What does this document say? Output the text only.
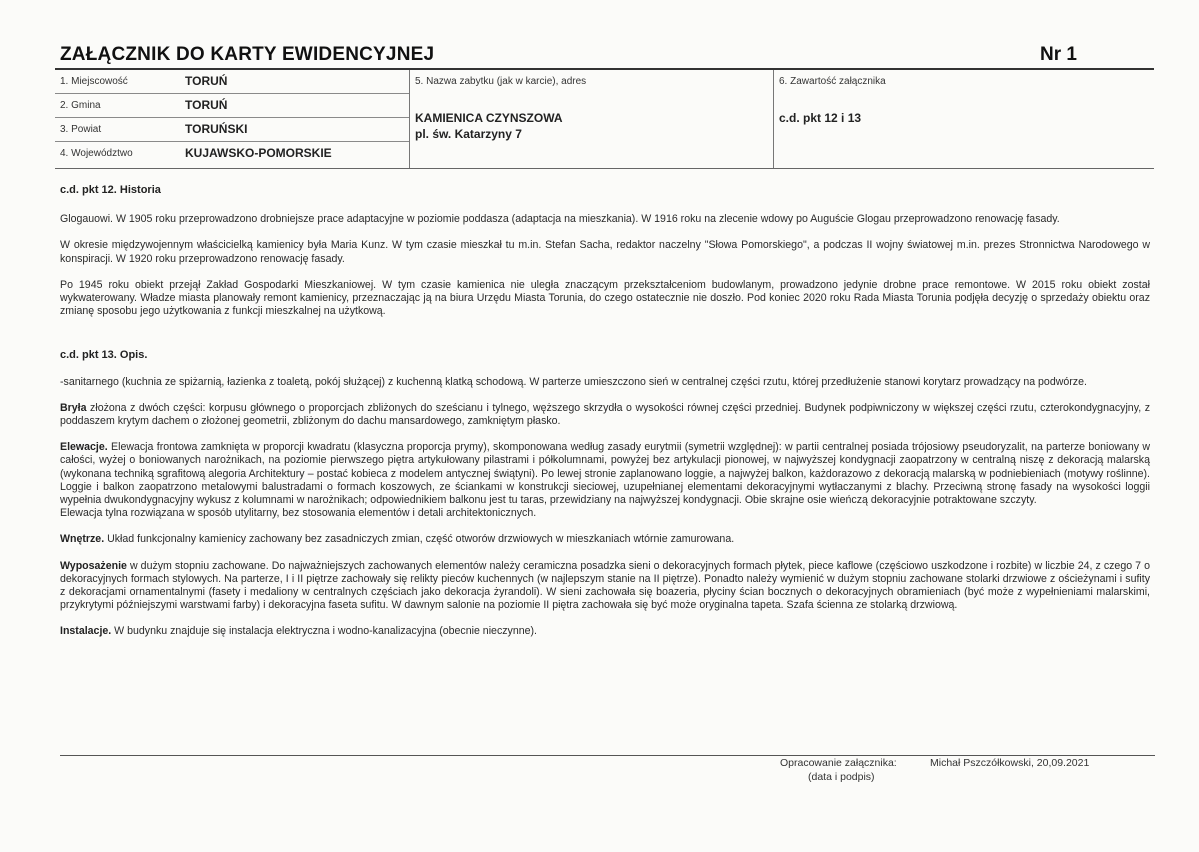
ZAŁĄCZNIK DO KARTY EWIDENCYJNEJ	Nr 1
1. Miejscowość	TORUŃ
2. Gmina	TORUŃ
3. Powiat	TORUŃSKI
4. Województwo	KUJAWSKO-POMORSKIE
5. Nazwa zabytku (jak w karcie), adres
KAMIENICA CZYNSZOWA
pl. św. Katarzyny 7
6. Zawartość załącznika
c.d. pkt 12 i 13

c.d. pkt 12. Historia

Glogauowi. W 1905 roku przeprowadzono drobniejsze prace adaptacyjne w poziomie poddasza (adaptacja na mieszkania). W 1916 roku na zlecenie wdowy po Auguście Glogau przeprowadzono renowację fasady.

W okresie międzywojennym właścicielką kamienicy była Maria Kunz. W tym czasie mieszkał tu m.in. Stefan Sacha, redaktor naczelny "Słowa Pomorskiego", a podczas II wojny światowej m.in. prezes Stronnictwa Narodowego w konspiracji. W 1920 roku przeprowadzono renowację fasady.

Po 1945 roku obiekt przejął Zakład Gospodarki Mieszkaniowej. W tym czasie kamienica nie uległa znaczącym przekształceniom budowlanym, prowadzono jedynie drobne prace remontowe. W 2015 roku obiekt został wykwaterowany. Władze miasta planowały remont kamienicy, przeznaczając ją na biura Urzędu Miasta Torunia, do czego ostatecznie nie doszło. Pod koniec 2020 roku Rada Miasta Torunia podjęła decyzję o sprzedaży obiektu oraz zmianę sposobu jego użytkowania z funkcji mieszkalnej na użytkową.

c.d. pkt 13. Opis.

-sanitarnego (kuchnia ze spiżarnią, łazienka z toaletą, pokój służącej) z kuchenną klatką schodową. W parterze umieszczono sień w centralnej części rzutu, której przedłużenie stanowi korytarz prowadzący na podwórze.

Bryła złożona z dwóch części: korpusu głównego o proporcjach zbliżonych do sześcianu i tylnego, węższego skrzydła o wysokości równej części przedniej. Budynek podpiwniczony w większej części rzutu, czterokondygnacyjny, z poddaszem krytym dachem o złożonej geometrii, zbliżonym do dachu mansardowego, zamkniętym płasko.

Elewacje. Elewacja frontowa zamknięta w proporcji kwadratu (klasyczna proporcja prymy), skomponowana według zasady eurytmii (symetrii względnej): w partii centralnej posiada trójosiowy pseudoryzalit, na parterze boniowany w całości, wyżej o boniowanych narożnikach, na poziomie pierwszego piętra artykułowany pilastrami i półkolumnami, powyżej bez artykulacji pionowej, w najwyższej kondygnacji zaopatrzony w centralną niszę z dekoracją malarską (wykonana techniką sgrafitową alegoria Architektury – postać kobieca z modelem antycznej świątyni). Po lewej stronie zaplanowano loggie, a najwyżej balkon, każdorazowo z dekoracją malarską w podniebieniach (motywy roślinne). Loggie i balkon zaopatrzono metalowymi balustradami o formach koszowych, ze ściankami w konstrukcji sieciowej, uzupełnianej elementami dekoracyjnymi wytłaczanymi z blachy. Przeciwną stronę fasady na wysokości loggii wypełnia dwukondygnacyjny wykusz z kolumnami w narożnikach; odpowiednikiem balkonu jest tu taras, przewidziany na najwyższej kondygnacji. Obie skrajne osie wieńczą dekoracyjnie potraktowane szczyty.

Elewacja tylna rozwiązana w sposób utylitarny, bez stosowania elementów i detali architektonicznych.

Wnętrze. Układ funkcjonalny kamienicy zachowany bez zasadniczych zmian, część otworów drzwiowych w mieszkaniach wtórnie zamurowana.

Wyposażenie w dużym stopniu zachowane. Do najważniejszych zachowanych elementów należy ceramiczna posadzka sieni o dekoracyjnych formach płytek, piece kaflowe (częściowo uszkodzone i rozbite) w liczbie 24, z czego 7 o dekoracyjnych formach stylowych. Na parterze, I i II piętrze zachowały się relikty pieców kuchennych (w najlepszym stanie na II piętrze). Ponadto należy wymienić w dużym stopniu zachowane stolarki drzwiowe z ościeżynami i sufity z dekoracjami ornamentalnymi (fasety i medaliony w centralnych częściach jako dekoracja żyrandoli). W sieni zachowała się boazeria, płyciny ścian bocznych o dekoracyjnych obramieniach (być może z wypełnieniami malarskimi, przykrytymi późniejszymi warstwami farby) i dekoracyjna faseta sufitu. W dawnym salonie na poziomie II piętra zachowała się być może oryginalna tapeta. Szafa ścienna ze stolarką drzwiową.

Instalacje. W budynku znajduje się instalacja elektryczna i wodno-kanalizacyjna (obecnie nieczynne).

Opracowanie załącznika:	Michał Pszczółkowski, 20,09.2021
(data i podpis)
